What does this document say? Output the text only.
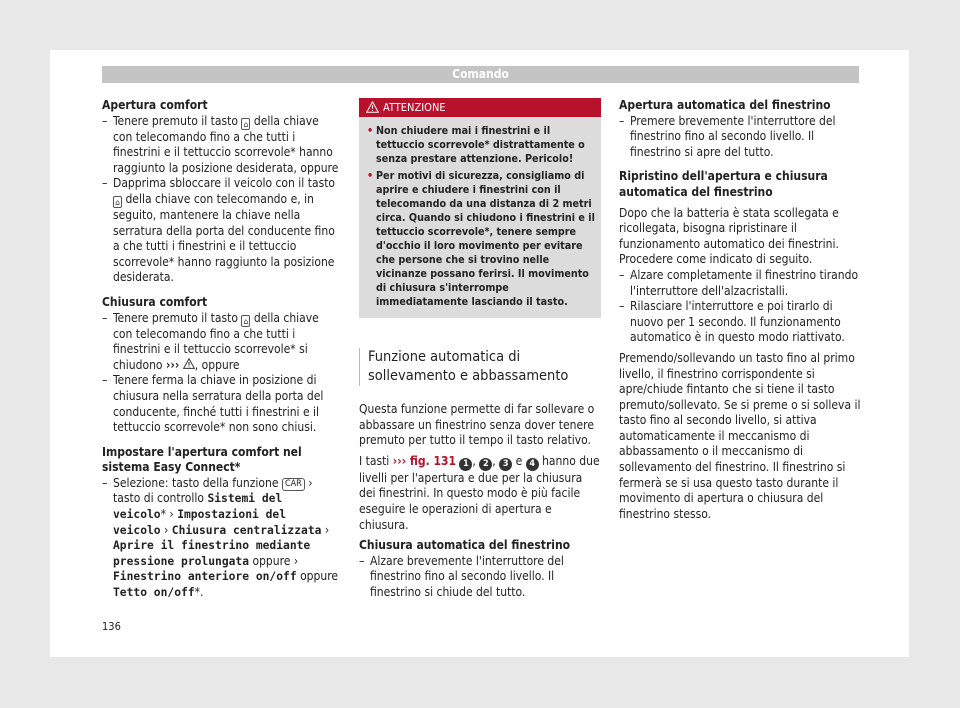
Comando

Apertura comfort

– Tenere premuto il tasto ⌂ della chiave con telecomando fino a che tutti i finestrini e il tettuccio scorrevole* hanno raggiunto la posizione desiderata, oppure
– Dapprima sbloccare il veicolo con il tasto ⌂ della chiave con telecomando e, in seguito, mantenere la chiave nella serratura della porta del conducente fino a che tutti i finestrini e il tettuccio scorrevole* hanno raggiunto la posizione desiderata.

Chiusura comfort

– Tenere premuto il tasto ⌂ della chiave con telecomando fino a che tutti i finestrini e il tettuccio scorrevole* si chiudono ››› , oppure
– Tenere ferma la chiave in posizione di chiusura nella serratura della porta del conducente, finché tutti i finestrini e il tettuccio scorrevole* non sono chiusi.

Impostare l'apertura comfort nel sistema Easy Connect*

– Selezione: tasto della funzione CAR › tasto di controllo Sistemi del veicolo* › Impostazioni del veicolo › Chiusura centralizzata › Aprire il finestrino mediante pressione prolungata oppure › Finestrino anteriore on/off oppure Tetto on/off*.
ATTENZIONE
• Non chiudere mai i finestrini e il tettuccio scorrevole* distrattamente o senza prestare attenzione. Pericolo!
• Per motivi di sicurezza, consigliamo di aprire e chiudere i finestrini con il telecomando da una distanza di 2 metri circa. Quando si chiudono i finestrini e il tettuccio scorrevole*, tenere sempre d'occhio il loro movimento per evitare che persone che si trovino nelle vicinanze possano ferirsi. Il movimento di chiusura s'interrompe immediatamente lasciando il tasto.
Funzione automatica di sollevamento e abbassamento

Questa funzione permette di far sollevare o abbassare un finestrino senza dover tenere premuto per tutto il tempo il tasto relativo.

I tasti ››› fig. 131 1 , 2 , 3 e 4 hanno due livelli per l'apertura e due per la chiusura dei finestrini. In questo modo è più facile eseguire le operazioni di apertura e chiusura.

Chiusura automatica del finestrino

– Alzare brevemente l'interruttore del finestrino fino al secondo livello. Il finestrino si chiude del tutto.

Apertura automatica del finestrino

– Premere brevemente l'interruttore del finestrino fino al secondo livello. Il finestrino si apre del tutto.

Ripristino dell'apertura e chiusura automatica del finestrino

Dopo che la batteria è stata scollegata e ricollegata, bisogna ripristinare il funzionamento automatico dei finestrini. Procedere come indicato di seguito.

– Alzare completamente il finestrino tirando l'interruttore dell'alzacristalli.
– Rilasciare l'interruttore e poi tirarlo di nuovo per 1 secondo. Il funzionamento automatico è in questo modo riattivato.

Premendo/sollevando un tasto fino al primo livello, il finestrino corrispondente si apre/chiude fintanto che si tiene il tasto premuto/sollevato. Se si preme o si solleva il tasto fino al secondo livello, si attiva automaticamente il meccanismo di abbassamento o il meccanismo di sollevamento del finestrino. Il finestrino si fermerà se si usa questo tasto durante il movimento di apertura o chiusura del finestrino stesso.

136
